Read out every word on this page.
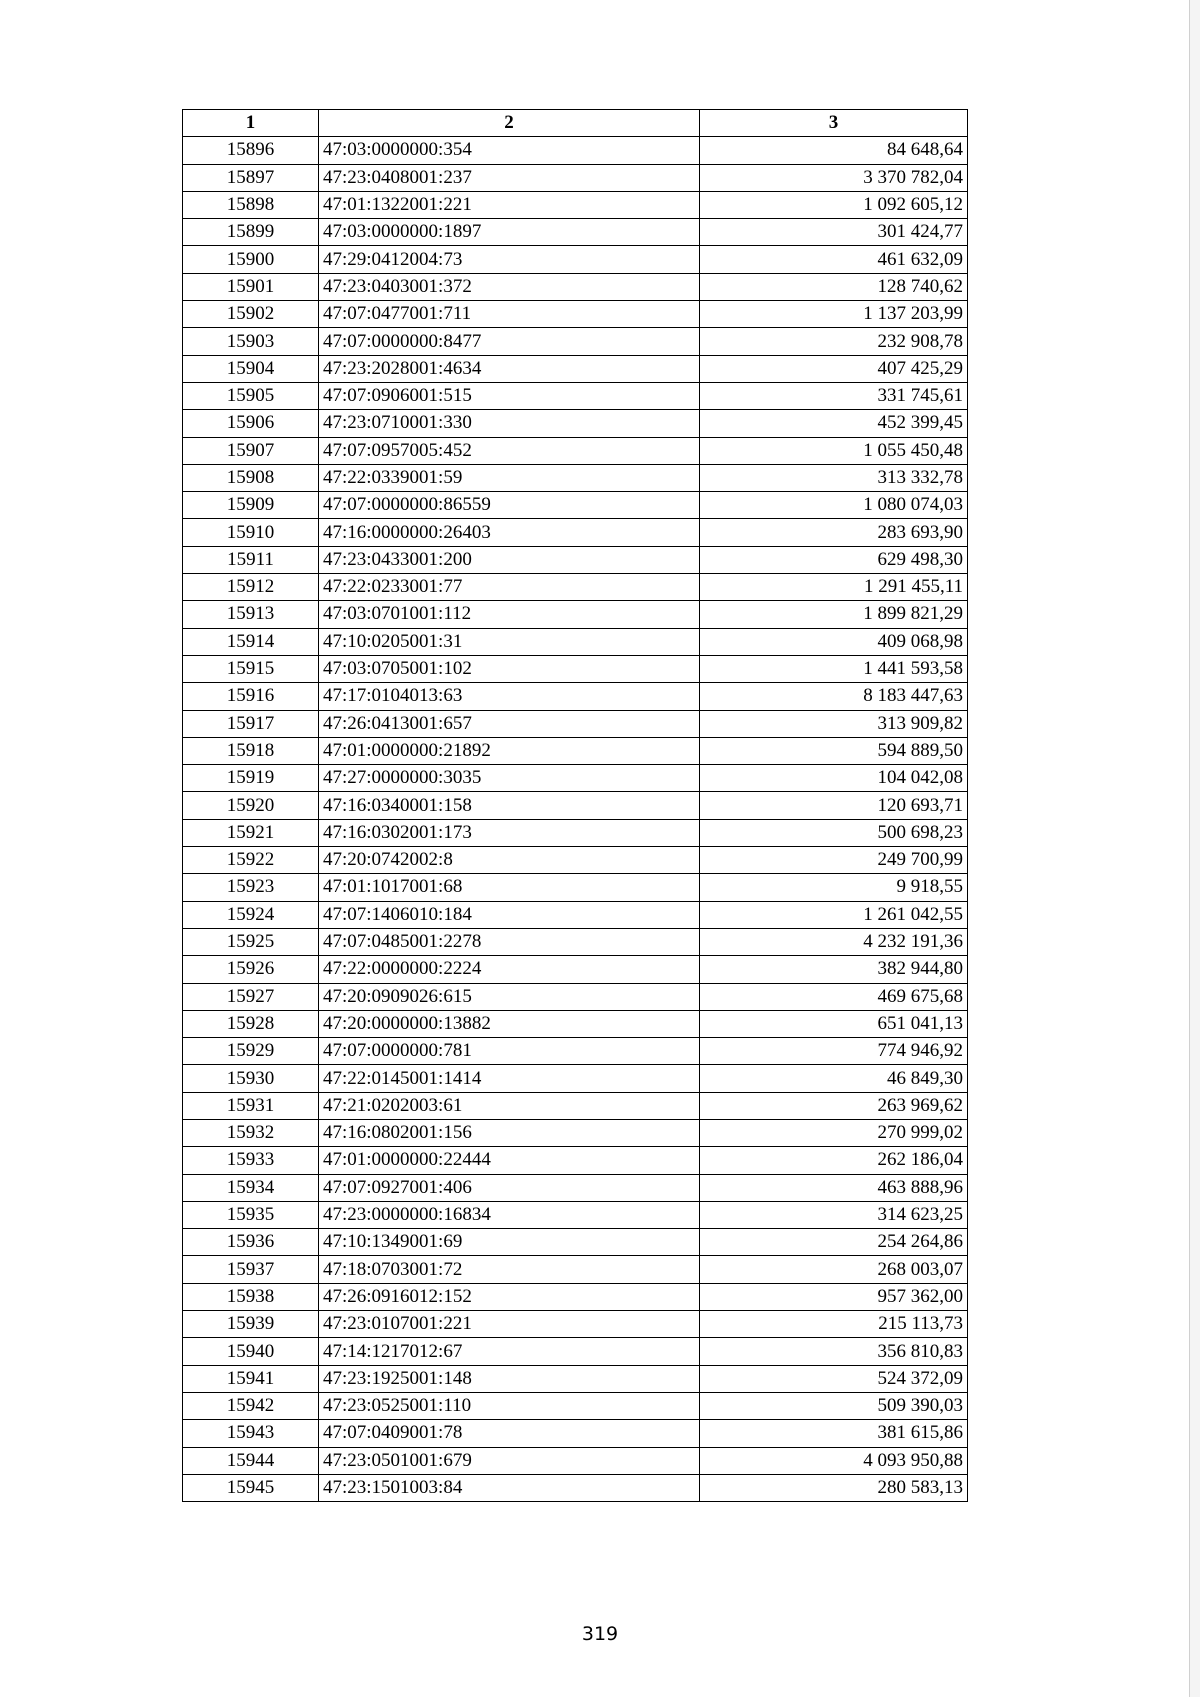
1	2	3
15896	47:03:0000000:354	84 648,64
15897	47:23:0408001:237	3 370 782,04
15898	47:01:1322001:221	1 092 605,12
15899	47:03:0000000:1897	301 424,77
15900	47:29:0412004:73	461 632,09
15901	47:23:0403001:372	128 740,62
15902	47:07:0477001:711	1 137 203,99
15903	47:07:0000000:8477	232 908,78
15904	47:23:2028001:4634	407 425,29
15905	47:07:0906001:515	331 745,61
15906	47:23:0710001:330	452 399,45
15907	47:07:0957005:452	1 055 450,48
15908	47:22:0339001:59	313 332,78
15909	47:07:0000000:86559	1 080 074,03
15910	47:16:0000000:26403	283 693,90
15911	47:23:0433001:200	629 498,30
15912	47:22:0233001:77	1 291 455,11
15913	47:03:0701001:112	1 899 821,29
15914	47:10:0205001:31	409 068,98
15915	47:03:0705001:102	1 441 593,58
15916	47:17:0104013:63	8 183 447,63
15917	47:26:0413001:657	313 909,82
15918	47:01:0000000:21892	594 889,50
15919	47:27:0000000:3035	104 042,08
15920	47:16:0340001:158	120 693,71
15921	47:16:0302001:173	500 698,23
15922	47:20:0742002:8	249 700,99
15923	47:01:1017001:68	9 918,55
15924	47:07:1406010:184	1 261 042,55
15925	47:07:0485001:2278	4 232 191,36
15926	47:22:0000000:2224	382 944,80
15927	47:20:0909026:615	469 675,68
15928	47:20:0000000:13882	651 041,13
15929	47:07:0000000:781	774 946,92
15930	47:22:0145001:1414	46 849,30
15931	47:21:0202003:61	263 969,62
15932	47:16:0802001:156	270 999,02
15933	47:01:0000000:22444	262 186,04
15934	47:07:0927001:406	463 888,96
15935	47:23:0000000:16834	314 623,25
15936	47:10:1349001:69	254 264,86
15937	47:18:0703001:72	268 003,07
15938	47:26:0916012:152	957 362,00
15939	47:23:0107001:221	215 113,73
15940	47:14:1217012:67	356 810,83
15941	47:23:1925001:148	524 372,09
15942	47:23:0525001:110	509 390,03
15943	47:07:0409001:78	381 615,86
15944	47:23:0501001:679	4 093 950,88
15945	47:23:1501003:84	280 583,13
319
